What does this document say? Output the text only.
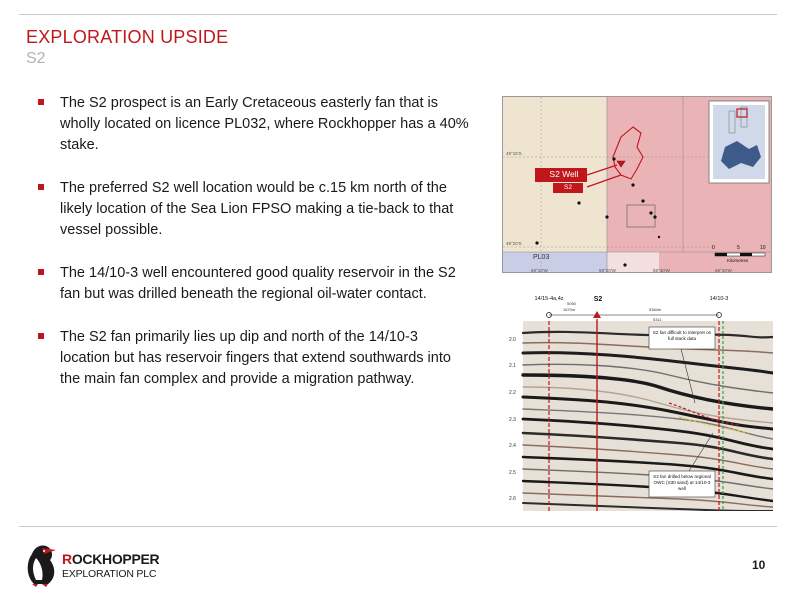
EXPLORATION UPSIDE
S2
The S2 prospect is an Early Cretaceous easterly fan that is wholly located on licence PL032, where Rockhopper has a 40% stake.
The preferred S2 well location would be c.15 km north of the likely location of the Sea Lion FPSO making a tie-back to that vessel possible.
The 14/10-3 well encountered good quality reservoir in the S2 fan but was drilled beneath the regional oil-water contact.
The S2 fan primarily lies up dip and north of the 14/10-3 location but has reservoir fingers that extend southwards into the main fan complex and provide a migration pathway.
S2 Well
S2
PL03
0	5	10
Kilometres
49°15'S
49°20'S
59°10'W	59°20'W	59°30'W	59°40'W
14/15-4a,4z	S2	14/10-3
1670m
5050
5364m
5311
2.0
2.1
2.2
2.3
2.4
2.5
2.6
S2 fan difficult to interpret on full stack data
S2 fan drilled below regional OWC (S30 sand) at 14/10-3 well
ROCKHOPPER
EXPLORATION PLC
10
